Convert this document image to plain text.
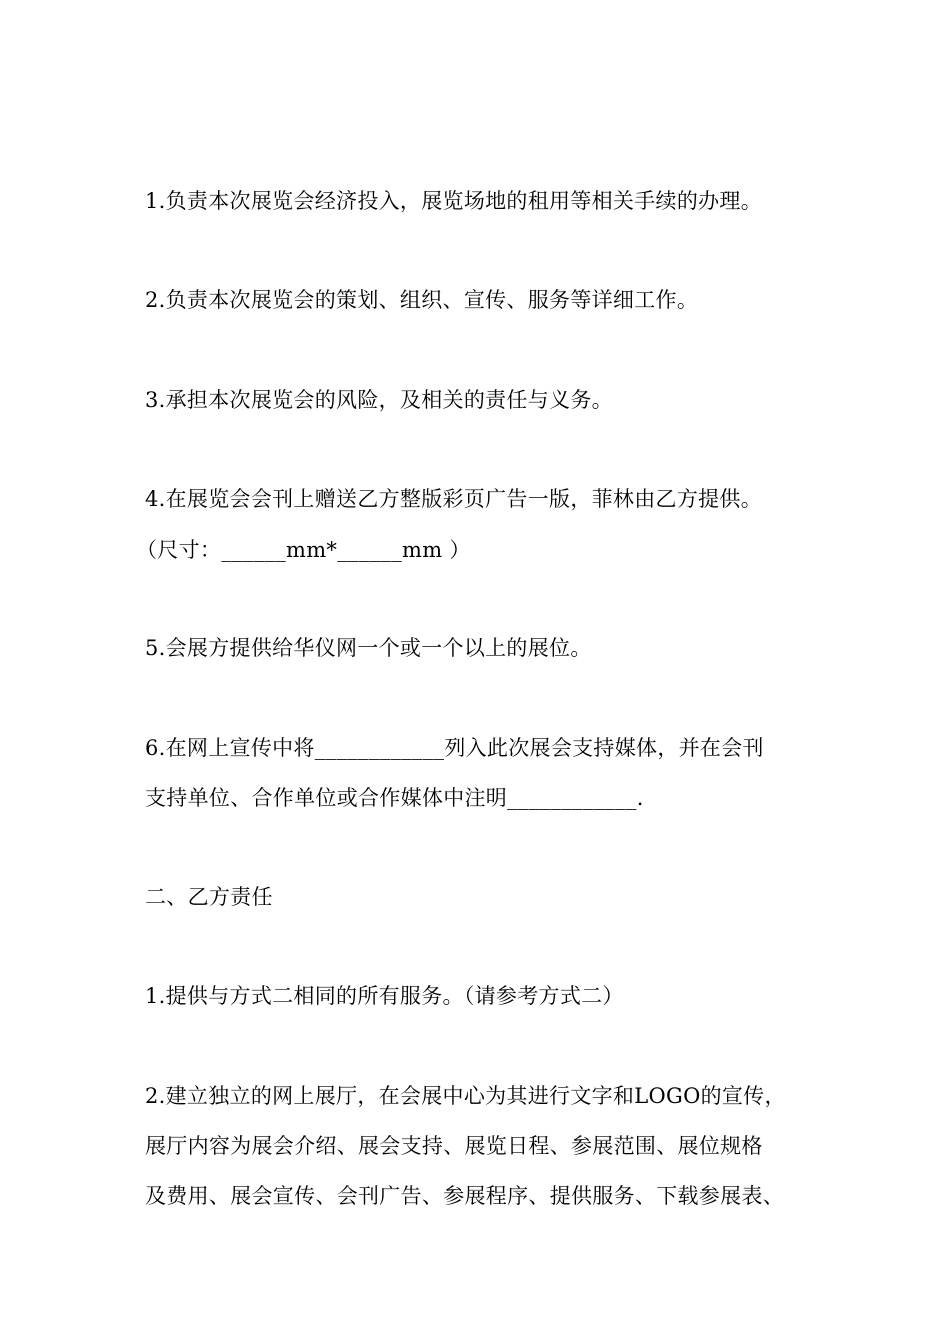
1.负责本次展览会经济投入，展览场地的租用等相关手续的办理。
2.负责本次展览会的策划、组织、宣传、服务等详细工作。
3.承担本次展览会的风险，及相关的责任与义务。
4.在展览会会刊上赠送乙方整版彩页广告一版，菲林由乙方提供。
（尺寸：______mm*______mm ）
5.会展方提供给华仪网一个或一个以上的展位。
6.在网上宣传中将____________列入此次展会支持媒体，并在会刊
支持单位、合作单位或合作媒体中注明____________.
二、乙方责任
1.提供与方式二相同的所有服务。（请参考方式二）
2.建立独立的网上展厅，在会展中心为其进行文字和LOGO的宣传，
展厅内容为展会介绍、展会支持、展览日程、参展范围、展位规格
及费用、展会宣传、会刊广告、参展程序、提供服务、下载参展表、
